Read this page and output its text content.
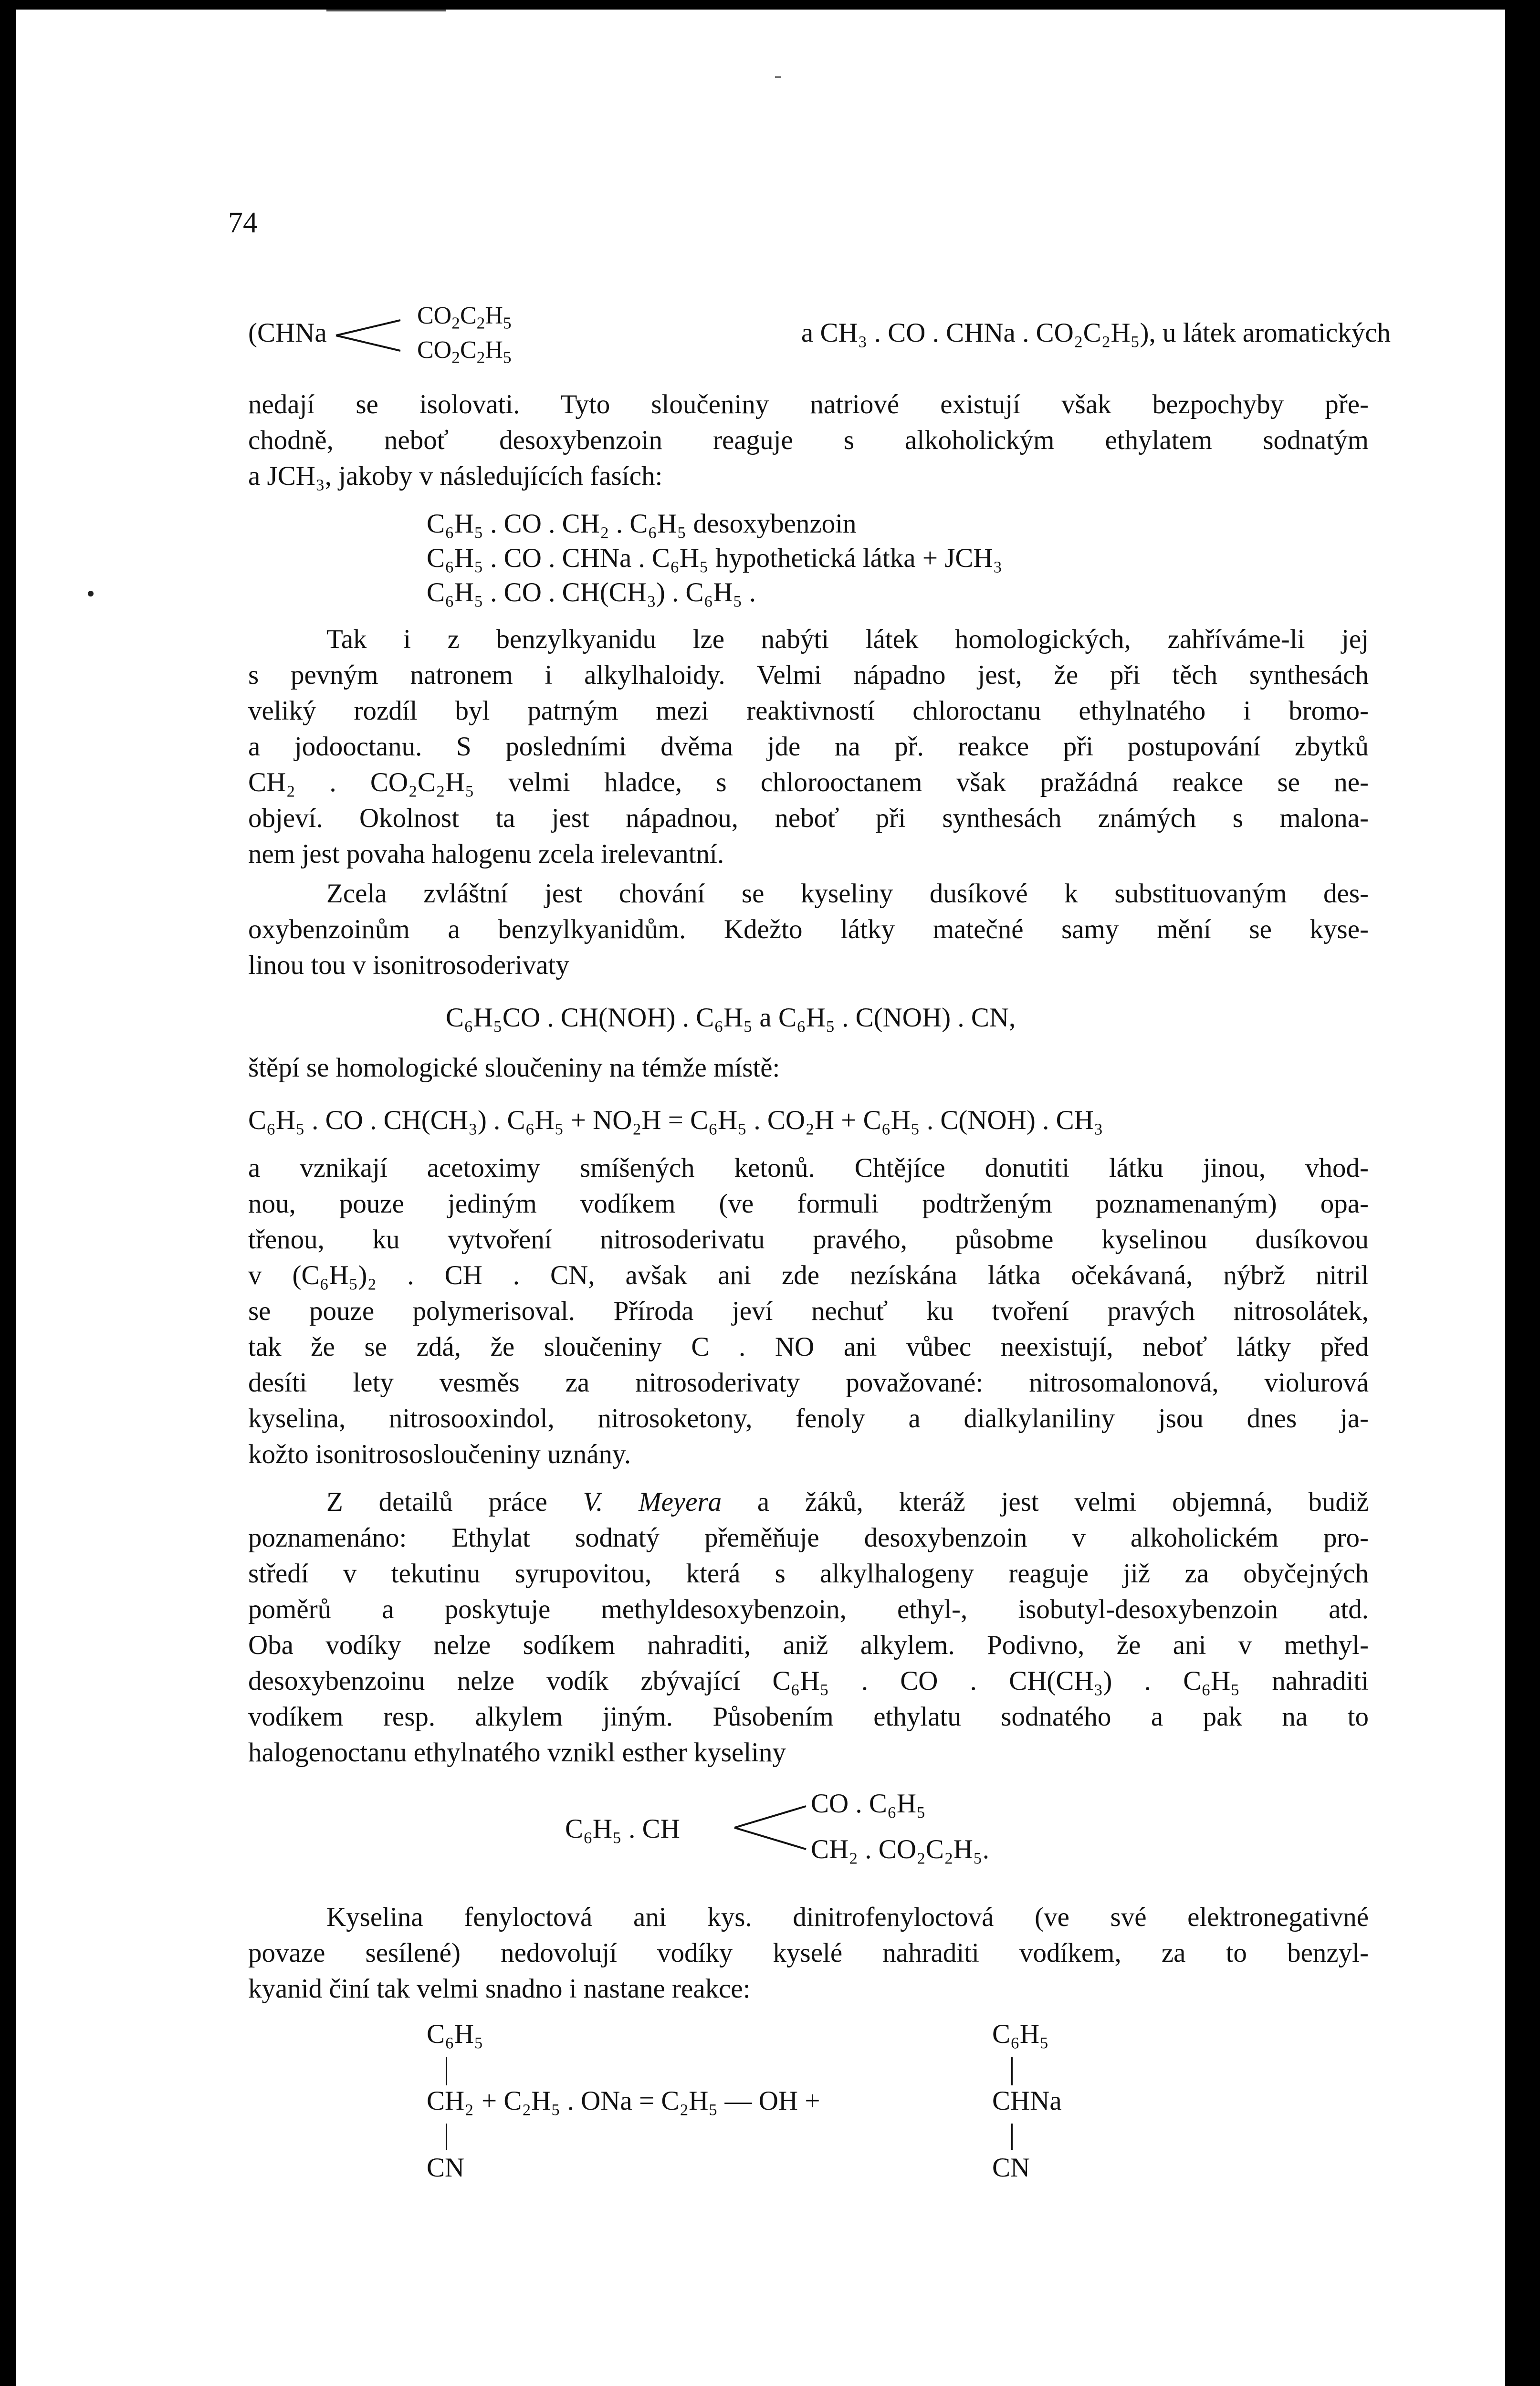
74
(CHNa
$CO_2C_2H_5$
$CO_2C_2H_5$
a CH₃ . CO . CHNa . CO₂C₂H₅), u látek aromatických
nedají se isolovati. Tyto sloučeniny natriové existují však bezpochyby pře-
chodně, neboť desoxybenzoin reaguje s alkoholickým ethylatem sodnatým
a JCH₃, jakoby v následujících fasích:
C₆H₅ . CO . CH₂ . C₆H₅ desoxybenzoin
C₆H₅ . CO . CHNa . C₆H₅ hypothetická látka + JCH₃
C₆H₅ . CO . CH(CH₃) . C₆H₅ .
Tak i z benzylkyanidu lze nabýti látek homologických, zahříváme-li jej
s pevným natronem i alkylhaloidy. Velmi nápadno jest, že při těch synthesách
veliký rozdíl byl patrným mezi reaktivností chloroctanu ethylnatého i bromo-
a jodooctanu. S posledními dvěma jde na př. reakce při postupování zbytků
CH₂ . CO₂C₂H₅ velmi hladce, s chlorooctanem však pražádná reakce se ne-
objeví. Okolnost ta jest nápadnou, neboť při synthesách známých s malona-
nem jest povaha halogenu zcela irelevantní.
Zcela zvláštní jest chování se kyseliny dusíkové k substituovaným des-
oxybenzoinům a benzylkyanidům. Kdežto látky matečné samy mění se kyse-
linou tou v isonitrosoderivaty
C₆H₅CO . CH(NOH) . C₆H₅ a C₆H₅ . C(NOH) . CN,
štěpí se homologické sloučeniny na témže místě:
C₆H₅ . CO . CH(CH₃) . C₆H₅ + NO₂H = C₆H₅ . CO₂H + C₆H₅ . C(NOH) . CH₃
a vznikají acetoximy smíšených ketonů. Chtějíce donutiti látku jinou, vhod-
nou, pouze jediným vodíkem (ve formuli podtrženým poznamenaným) opa-
třenou, ku vytvoření nitrosoderivatu pravého, působme kyselinou dusíkovou
v (C₆H₅)₂ . CH . CN, avšak ani zde nezískána látka očekávaná, nýbrž nitril
se pouze polymerisoval. Příroda jeví nechuť ku tvoření pravých nitrosolátek,
tak že se zdá, že sloučeniny C . NO ani vůbec neexistují, neboť látky před
desíti lety vesměs za nitrosoderivaty považované: nitrosomalonová, violurová
kyselina, nitrosooxindol, nitrosoketony, fenoly a dialkylaniliny jsou dnes ja-
kožto isonitrososloučeniny uznány.
Z detailů práce V. Meyera a žáků, kteráž jest velmi objemná, budiž
poznamenáno: Ethylat sodnatý přeměňuje desoxybenzoin v alkoholickém pro-
středí v tekutinu syrupovitou, která s alkylhalogeny reaguje již za obyčejných
poměrů a poskytuje methyldesoxybenzoin, ethyl-, isobutyl-desoxybenzoin atd.
Oba vodíky nelze sodíkem nahraditi, aniž alkylem. Podivno, že ani v methyl-
desoxybenzoinu nelze vodík zbývající C₆H₅ . CO . CH(CH₃) . C₆H₅ nahraditi
vodíkem resp. alkylem jiným. Působením ethylatu sodnatého a pak na to
halogenoctanu ethylnatého vznikl esther kyseliny
C₆H₅ . CH
CO . C₆H₅
CH₂ . CO₂C₂H₅.
Kyselina fenyloctová ani kys. dinitrofenyloctová (ve své elektronegativné
povaze sesílené) nedovolují vodíky kyselé nahraditi vodíkem, za to benzyl-
kyanid činí tak velmi snadno i nastane reakce:
C₆H₅
CH₂ + C₂H₅ . ONa = C₂H₅ — OH +
CN
C₆H₅
CHNa
CN
